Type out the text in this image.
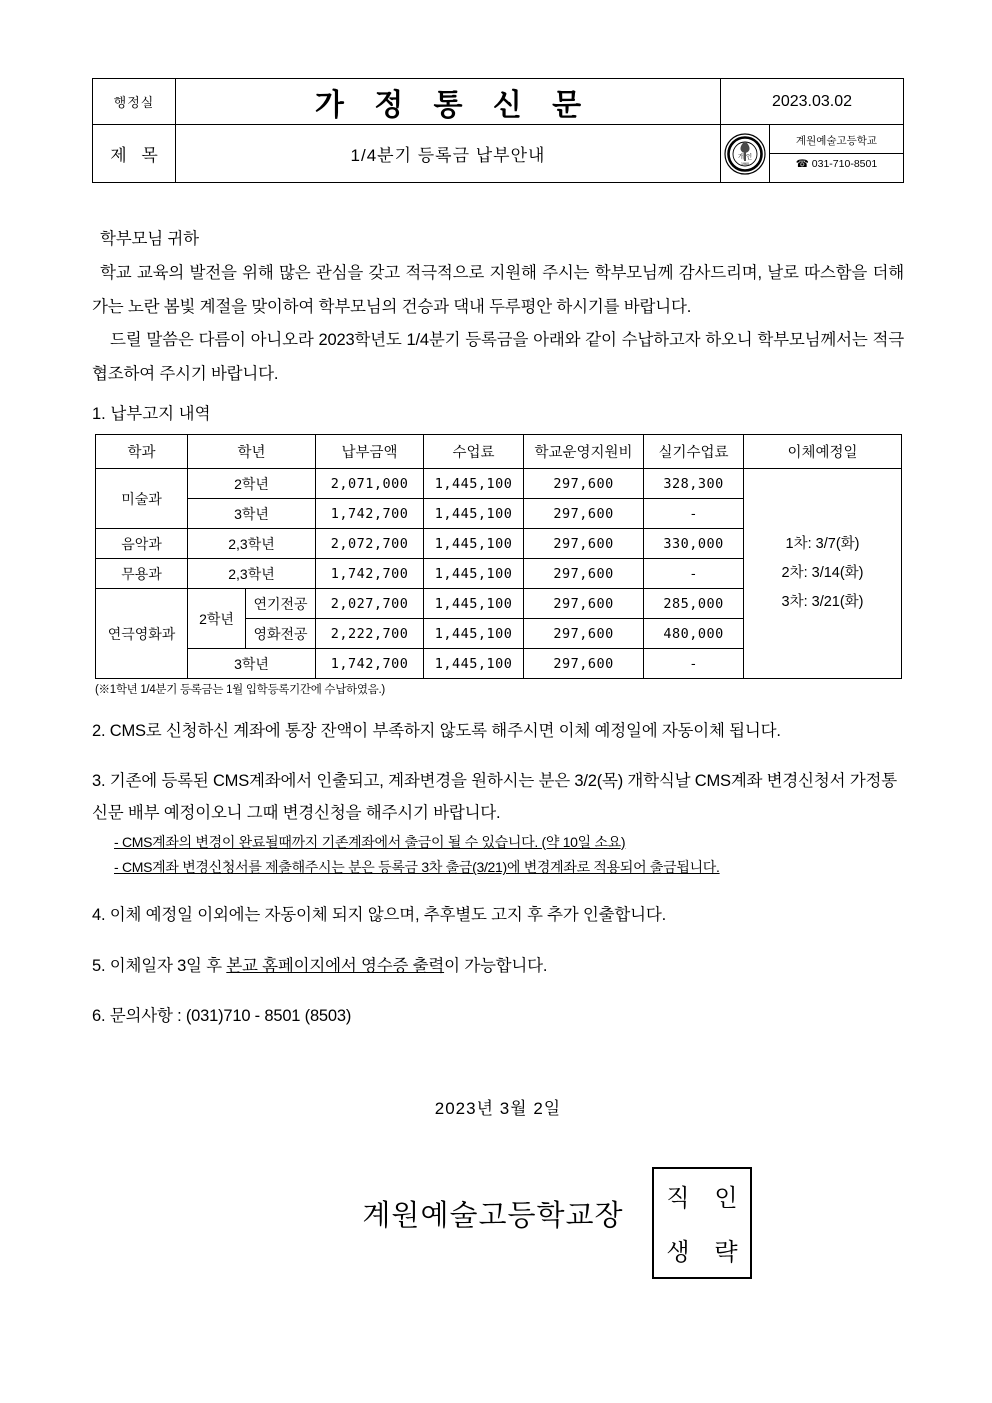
행정실	가 정 통 신 문	2023.03.02
제 목	1/4분기 등록금 납부안내	개 인
1960
계원예술고등학교
☎ 031-710-8501
학부모님 귀하
학교 교육의 발전을 위해 많은 관심을 갖고 적극적으로 지원해 주시는 학부모님께 감사드리며, 날로 따스함을 더해 가는 노란 봄빛 계절을 맞이하여 학부모님의 건승과 댁내 두루평안 하시기를 바랍니다.
드릴 말씀은 다름이 아니오라 2023학년도 1/4분기 등록금을 아래와 같이 수납하고자 하오니 학부모님께서는 적극 협조하여 주시기 바랍니다.
1. 납부고지 내역
학과	학년		납부금액	수업료	학교운영지원비	실기수업료	이체예정일
미술과	2학년		2,071,000	1,445,100	297,600	328,300	1차: 3/7(화)
2차: 3/14(화)
3차: 3/21(화)

	3학년		1,742,700	1,445,100	297,600	-	
음악과	2,3학년		2,072,700	1,445,100	297,600	330,000	
무용과	2,3학년		1,742,700	1,445,100	297,600	-	
연극영화과	2학년	연기전공	2,027,700	1,445,100	297,600	285,000	
		영화전공	2,222,700	1,445,100	297,600	480,000	
	3학년		1,742,700	1,445,100	297,600	-	
(※1학년 1/4분기 등록금는 1월 입학등록기간에 수납하였음.)
2. CMS로 신청하신 계좌에 통장 잔액이 부족하지 않도록 해주시면 이체 예정일에 자동이체 됩니다.
3. 기존에 등록된 CMS계좌에서 인출되고, 계좌변경을 원하시는 분은 3/2(목) 개학식날 CMS계좌 변경신청서 가정통신문 배부 예정이오니 그때 변경신청을 해주시기 바랍니다.
- CMS계좌의 변경이 완료될때까지 기존계좌에서 출금이 될 수 있습니다. (약 10일 소요)
- CMS계좌 변경신청서를 제출해주시는 분은 등록금 3차 출금(3/21)에 변경계좌로 적용되어 출금됩니다.
4. 이체 예정일 이외에는 자동이체 되지 않으며, 추후별도 고지 후 추가 인출합니다.
5. 이체일자 3일 후 본교 홈페이지에서 영수증 출력이 가능합니다.
6. 문의사항 : (031)710 - 8501 (8503)
2023년 3월 2일
계원예술고등학교장
직	인
생	략
